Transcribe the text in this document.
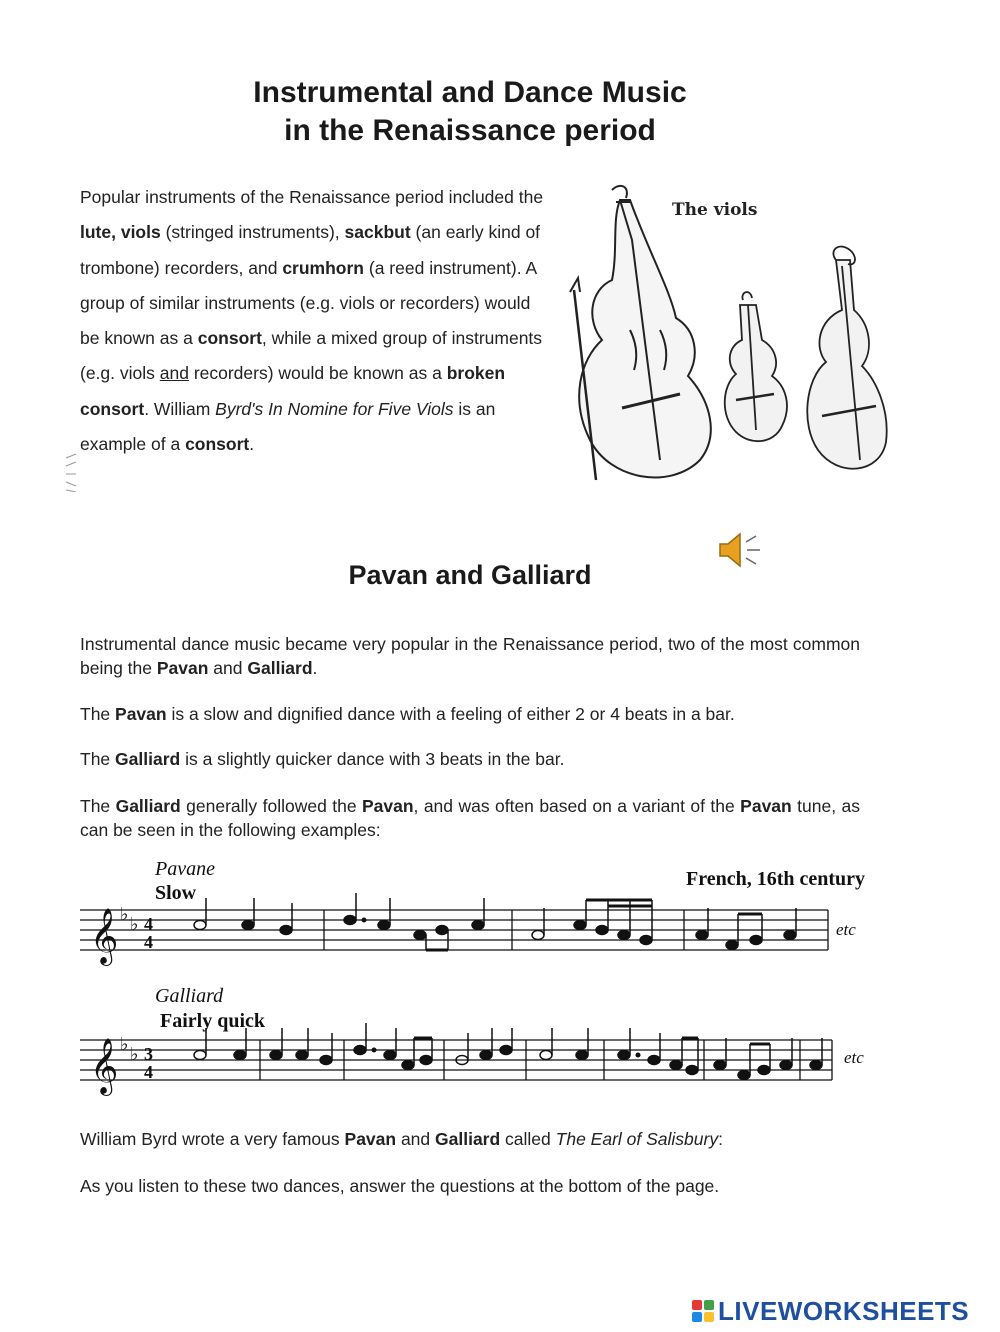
Instrumental and Dance Music
in the Renaissance period

Popular instruments of the Renaissance period included the lute, viols (stringed instruments), sackbut (an early kind of trombone) recorders, and crumhorn (a reed instrument). A group of similar instruments (e.g. viols or recorders) would be known as a consort, while a mixed group of instruments (e.g. viols and recorders) would be known as a broken consort. William Byrd's In Nomine for Five Viols is an example of a consort.

The viols
Pavan and Galliard

Instrumental dance music became very popular in the Renaissance period, two of the most common being the Pavan and Galliard.

The Pavan is a slow and dignified dance with a feeling of either 2 or 4 beats in a bar.

The Galliard is a slightly quicker dance with 3 beats in the bar.

The Galliard generally followed the Pavan, and was often based on a variant of the Pavan tune, as can be seen in the following examples:

Pavane
Slow
French, 16th century
etc
𝄞 ♭ ♭ 4
4
Galliard
Fairly quick
etc
𝄞 ♭ ♭ 3
4

William Byrd wrote a very famous Pavan and Galliard called The Earl of Salisbury:

As you listen to these two dances, answer the questions at the bottom of the page.

LIVEWORKSHEETS
